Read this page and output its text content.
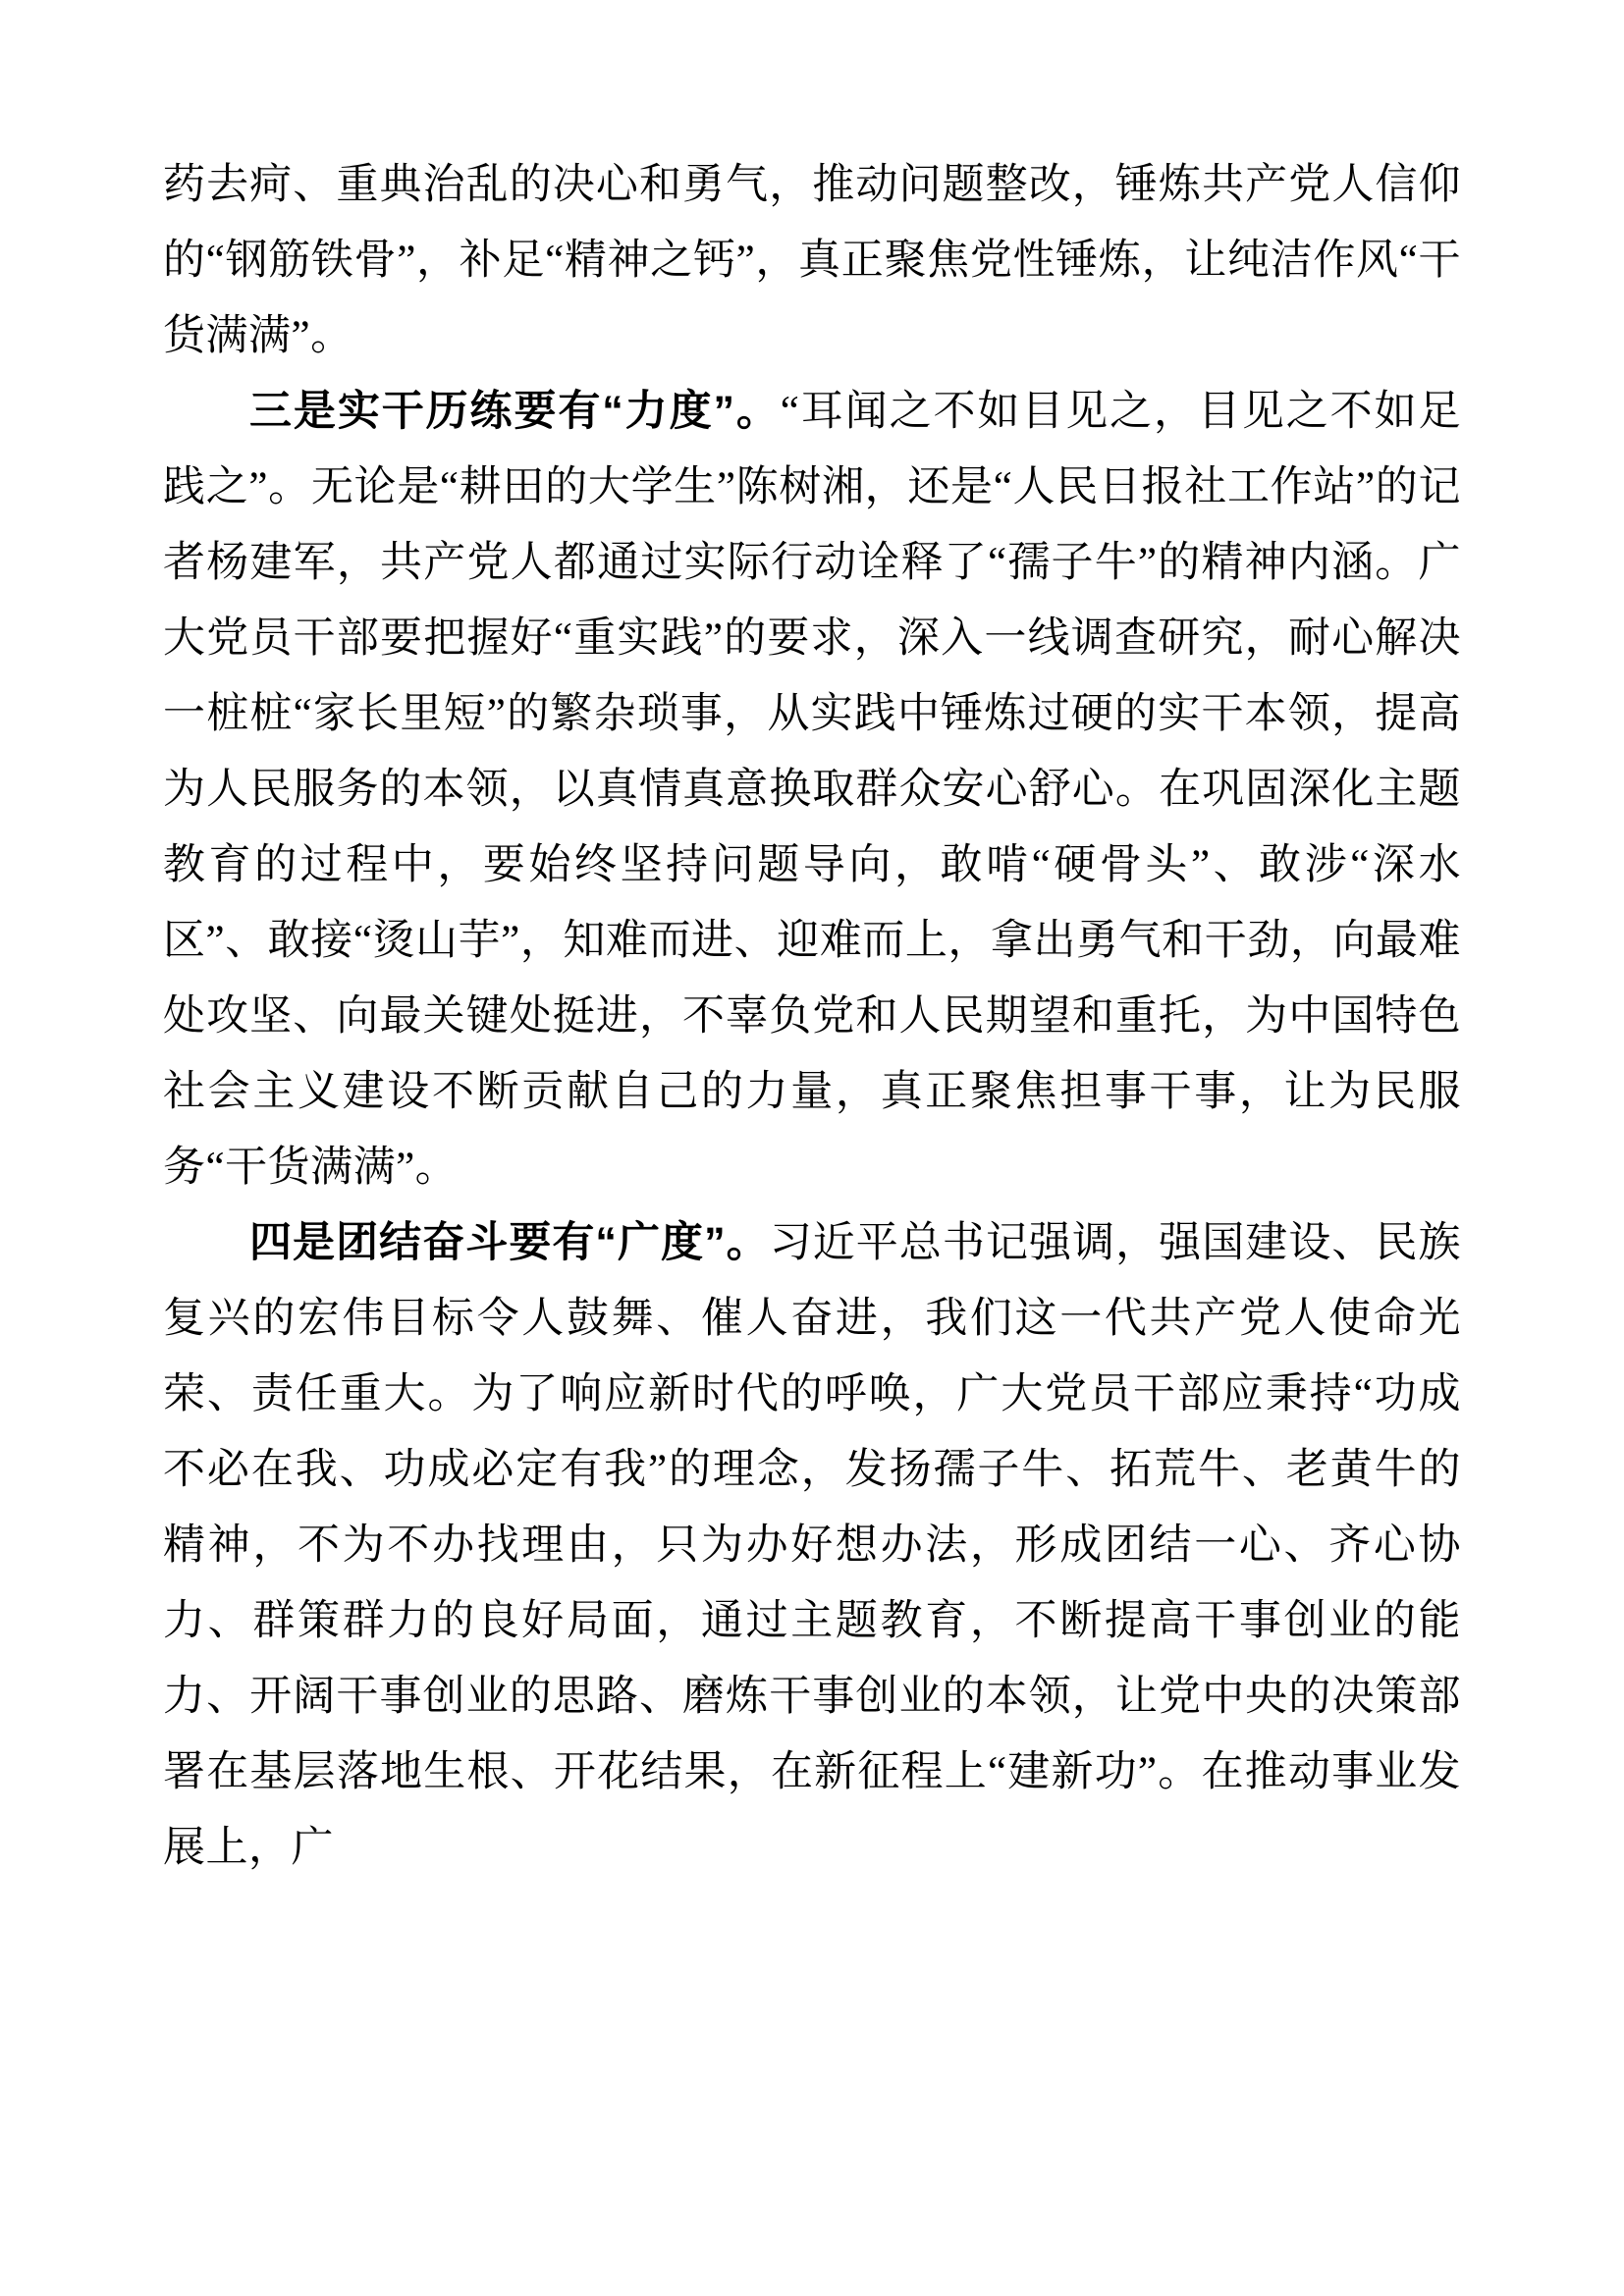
药去疴、重典治乱的决心和勇气，推动问题整改，锤炼共产党人信仰的“钢筋铁骨”，补足“精神之钙”，真正聚焦党性锤炼，让纯洁作风“干货满满”。

三是实干历练要有“力度”。“耳闻之不如目见之，目见之不如足践之”。无论是“耕田的大学生”陈树湘，还是“人民日报社工作站”的记者杨建军，共产党人都通过实际行动诠释了“孺子牛”的精神内涵。广大党员干部要把握好“重实践”的要求，深入一线调查研究，耐心解决一桩桩“家长里短”的繁杂琐事，从实践中锤炼过硬的实干本领，提高为人民服务的本领，以真情真意换取群众安心舒心。在巩固深化主题教育的过程中，要始终坚持问题导向，敢啃“硬骨头”、敢涉“深水区”、敢接“烫山芋”，知难而进、迎难而上，拿出勇气和干劲，向最难处攻坚、向最关键处挺进，不辜负党和人民期望和重托，为中国特色社会主义建设不断贡献自己的力量，真正聚焦担事干事，让为民服务“干货满满”。

四是团结奋斗要有“广度”。习近平总书记强调，强国建设、民族复兴的宏伟目标令人鼓舞、催人奋进，我们这一代共产党人使命光荣、责任重大。为了响应新时代的呼唤，广大党员干部应秉持“功成不必在我、功成必定有我”的理念，发扬孺子牛、拓荒牛、老黄牛的精神，不为不办找理由，只为办好想办法，形成团结一心、齐心协力、群策群力的良好局面，通过主题教育，不断提高干事创业的能力、开阔干事创业的思路、磨炼干事创业的本领，让党中央的决策部署在基层落地生根、开花结果，在新征程上“建新功”。在推动事业发展上，广
